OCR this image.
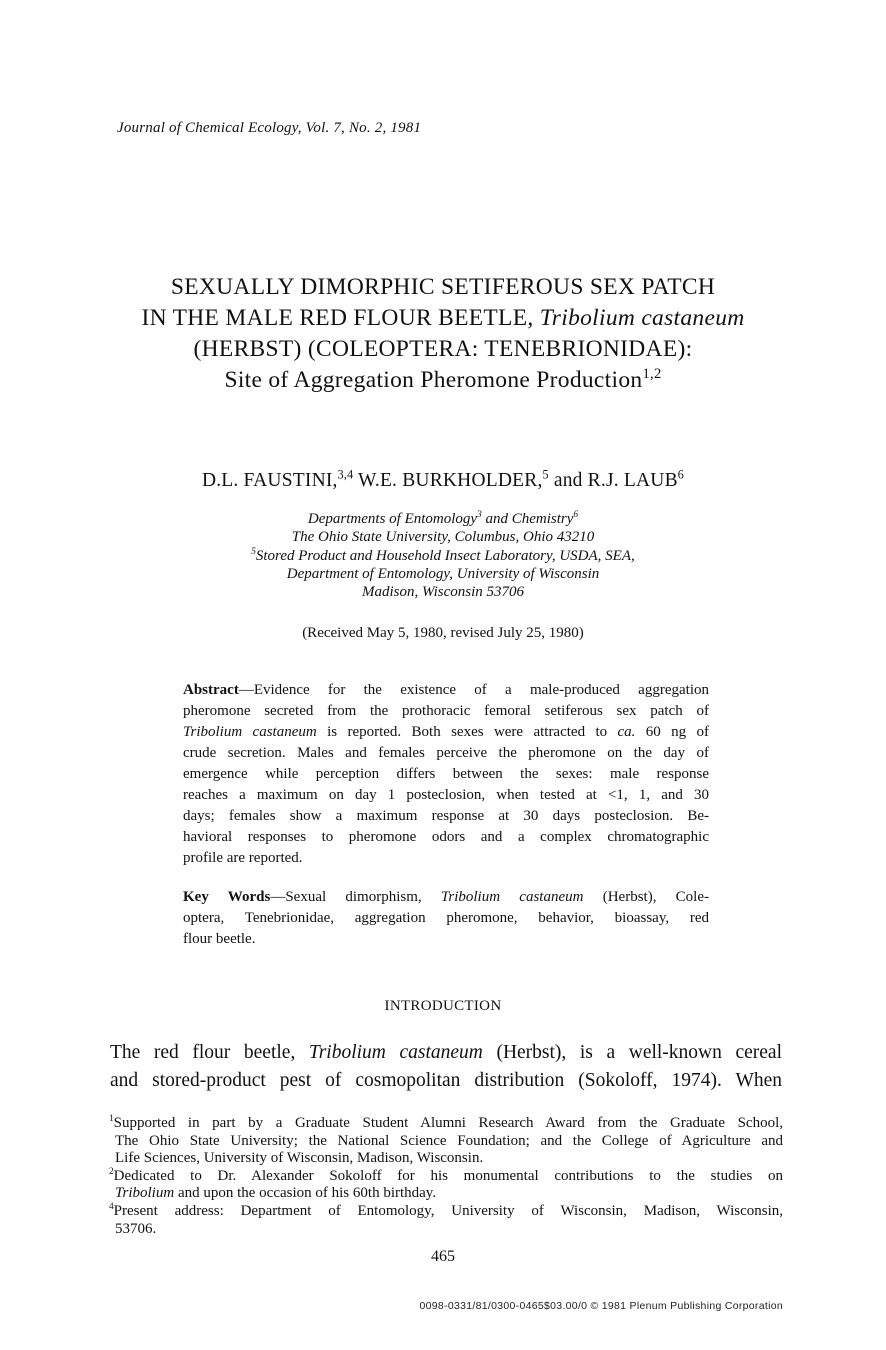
Journal of Chemical Ecology, Vol. 7, No. 2, 1981
SEXUALLY DIMORPHIC SETIFEROUS SEX PATCH
IN THE MALE RED FLOUR BEETLE, Tribolium castaneum
(HERBST) (COLEOPTERA: TENEBRIONIDAE):
Site of Aggregation Pheromone Production$^{1,2}$
D.L. FAUSTINI,$^{3,4}$ W.E. BURKHOLDER,$^5$ and R.J. LAUB$^6$
Departments of Entomology$^3$ and Chemistry$^6$
The Ohio State University, Columbus, Ohio 43210
$^5$Stored Product and Household Insect Laboratory, USDA, SEA,
Department of Entomology, University of Wisconsin
Madison, Wisconsin 53706
(Received May 5, 1980, revised July 25, 1980)
Abstract—Evidence for the existence of a male-produced aggregation
pheromone secreted from the prothoracic femoral setiferous sex patch of
Tribolium castaneum is reported. Both sexes were attracted to ca. 60 ng of
crude secretion. Males and females perceive the pheromone on the day of
emergence while perception differs between the sexes: male response
reaches a maximum on day 1 posteclosion, when tested at <1, 1, and 30
days; females show a maximum response at 30 days posteclosion. Be-
havioral responses to pheromone odors and a complex chromatographic
profile are reported.
Key Words—Sexual dimorphism, Tribolium castaneum (Herbst), Cole-
optera, Tenebrionidae, aggregation pheromone, behavior, bioassay, red
flour beetle.
INTRODUCTION
The red flour beetle, Tribolium castaneum (Herbst), is a well-known cereal
and stored-product pest of cosmopolitan distribution (Sokoloff, 1974). When
$^1$Supported in part by a Graduate Student Alumni Research Award from the Graduate School,
The Ohio State University; the National Science Foundation; and the College of Agriculture and
Life Sciences, University of Wisconsin, Madison, Wisconsin.
$^2$Dedicated to Dr. Alexander Sokoloff for his monumental contributions to the studies on
Tribolium and upon the occasion of his 60th birthday.
$^4$Present address: Department of Entomology, University of Wisconsin, Madison, Wisconsin,
53706.
465
0098-0331/81/0300-0465$03.00/0 © 1981 Plenum Publishing Corporation
